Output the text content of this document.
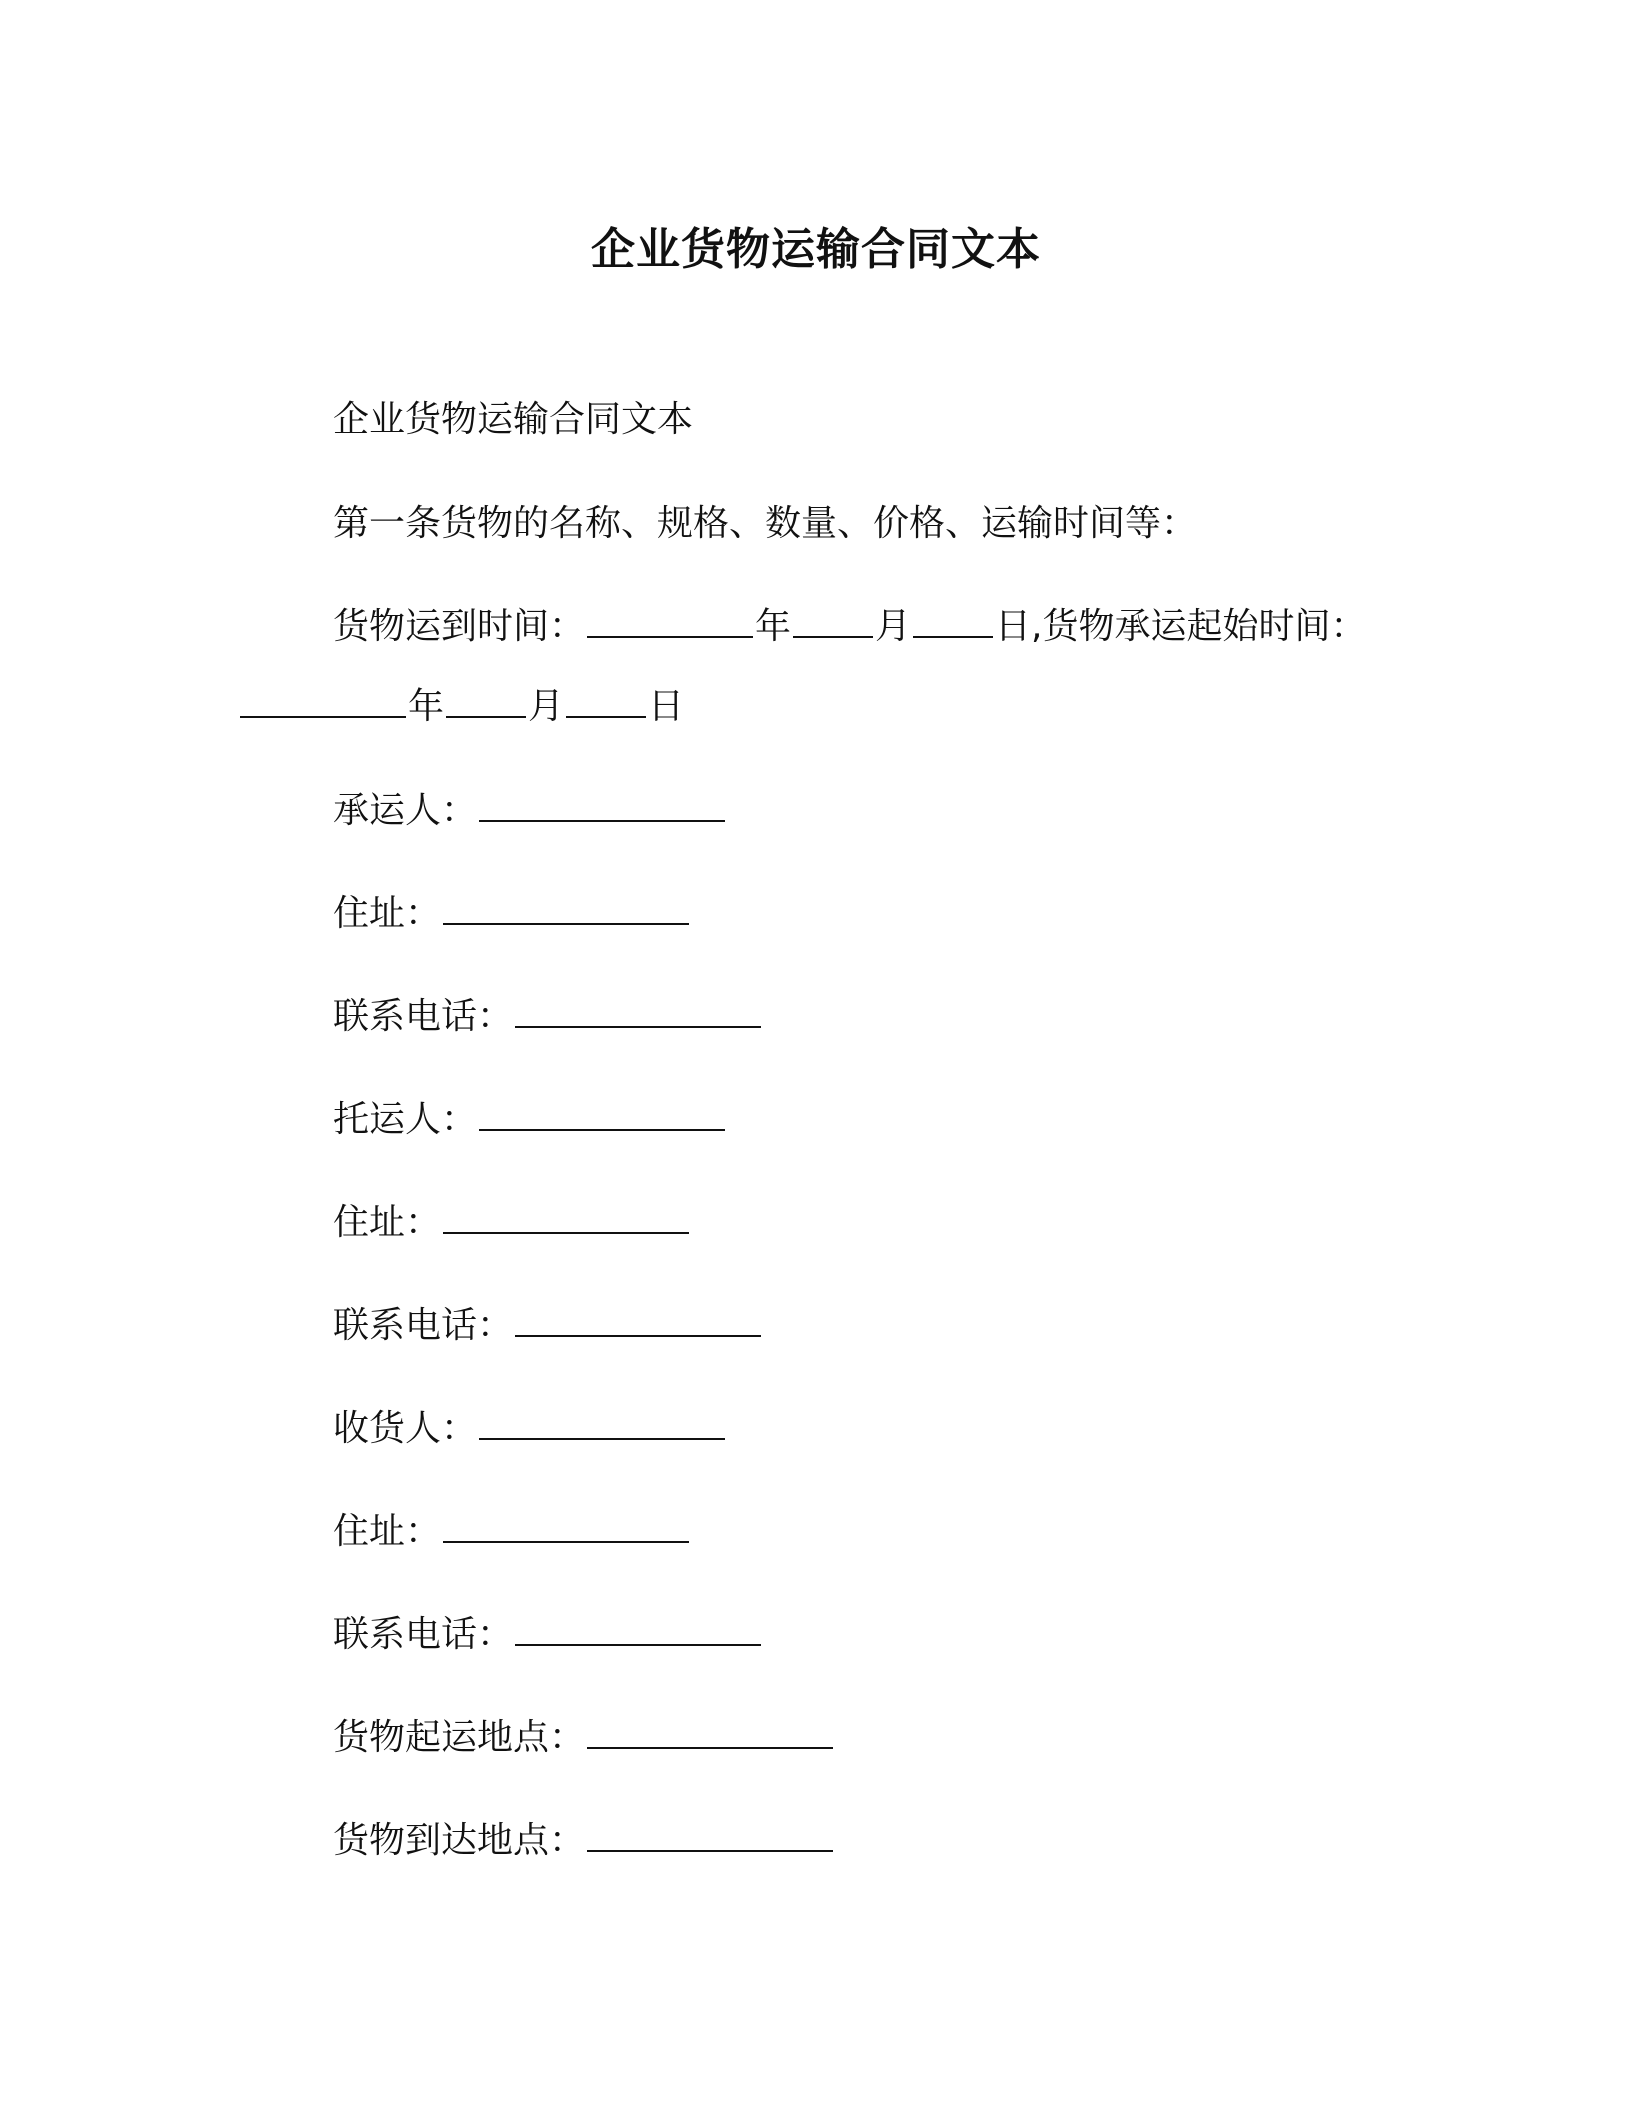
企业货物运输合同文本
企业货物运输合同文本
第一条货物的名称、规格、数量、价格、运输时间等：
货物运到时间：	年 月 日,货物承运起始时间：
年 月 日
承运人：
住址：
联系电话：
托运人：
住址：
联系电话：
收货人：
住址：
联系电话：
货物起运地点：
货物到达地点：
